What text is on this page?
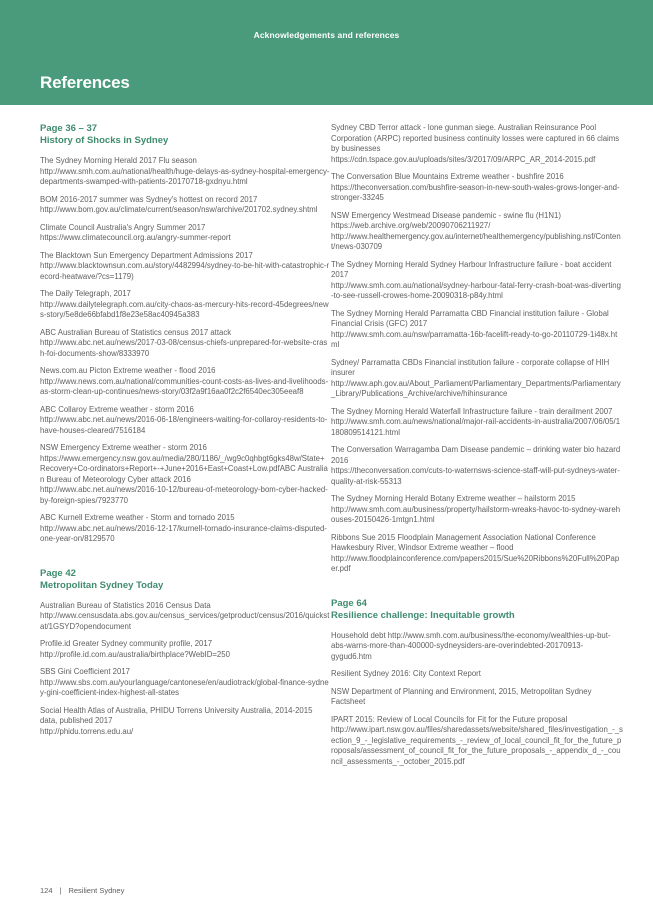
Acknowledgements and references
References
Page 36 – 37
History of Shocks in Sydney

The Sydney Morning Herald 2017 Flu season
http://www.smh.com.au/national/health/huge-delays-as-sydney-hospital-emergency-departments-swamped-with-patients-20170718-gxdnyu.html

BOM 2016-2017 summer was Sydney's hottest on record 2017
http://www.bom.gov.au/climate/current/season/nsw/archive/201702.sydney.shtml

Climate Council Australia's Angry Summer 2017
https://www.climatecouncil.org.au/angry-summer-report

The Blacktown Sun Emergency Department Admissions 2017
http://www.blacktownsun.com.au/story/4482994/sydney-to-be-hit-with-catastrophic-record-heatwave/?cs=1179)

The Daily Telegraph, 2017
http://www.dailytelegraph.com.au/city-chaos-as-mercury-hits-record-45degrees/news-story/5e8de66bfabd1f8e23e58ac40945a383

ABC Australian Bureau of Statistics census 2017 attack
http://www.abc.net.au/news/2017-03-08/census-chiefs-unprepared-for-website-crash-foi-documents-show/8333970

News.com.au Picton Extreme weather - flood 2016
http://www.news.com.au/national/communities-count-costs-as-lives-and-livelihoods-as-storm-clean-up-continues/news-story/03f2a9f16aa0f2c2f6540ec305eeaf8

ABC Collaroy Extreme weather - storm 2016
http://www.abc.net.au/news/2016-06-18/engineers-waiting-for-collaroy-residents-to-have-houses-cleared/7516184

NSW Emergency Extreme weather - storm 2016
https://www.emergency.nsw.gov.au/media/280/1186/_/wg9c0qhbgt6gks48w/State+Recovery+Co-ordinators+Report+-+June+2016+East+Coast+Low.pdfABC Australian Bureau of Meteorology Cyber attack 2016
http://www.abc.net.au/news/2016-10-12/bureau-of-meteorology-bom-cyber-hacked-by-foreign-spies/7923770

ABC Kurnell Extreme weather - Storm and tornado 2015
http://www.abc.net.au/news/2016-12-17/kurnell-tornado-insurance-claims-disputed-one-year-on/8129570

Page 42
Metropolitan Sydney Today

Australian Bureau of Statistics 2016 Census Data
http://www.censusdata.abs.gov.au/census_services/getproduct/census/2016/quickstat/1GSYD?opendocument

Profile.id Greater Sydney community profile, 2017
http://profile.id.com.au/australia/birthplace?WebID=250

SBS Gini Coefficient 2017
http://www.sbs.com.au/yourlanguage/cantonese/en/audiotrack/global-finance-sydney-gini-coefficient-index-highest-all-states

Social Health Atlas of Australia, PHIDU Torrens University Australia, 2014-2015 data, published 2017
http://phidu.torrens.edu.au/

Sydney CBD Terror attack - lone gunman siege. Australian Reinsurance Pool Corporation (ARPC) reported business continuity losses were captured in 66 claims by businesses
https://cdn.tspace.gov.au/uploads/sites/3/2017/09/ARPC_AR_2014-2015.pdf

The Conversation Blue Mountains Extreme weather - bushfire 2016
https://theconversation.com/bushfire-season-in-new-south-wales-grows-longer-and-stronger-33245

NSW Emergency Westmead Disease pandemic - swine flu (H1N1)
https://web.archive.org/web/20090706211927/
http://www.healthemergency.gov.au/internet/healthemergency/publishing.nsf/Content/news-030709

The Sydney Morning Herald Sydney Harbour Infrastructure failure - boat accident 2017
http://www.smh.com.au/national/sydney-harbour-fatal-ferry-crash-boat-was-diverting-to-see-russell-crowes-home-20090318-p84y.html

The Sydney Morning Herald Parramatta CBD Financial institution failure - Global Financial Crisis (GFC) 2017
http://www.smh.com.au/nsw/parramatta-16b-facelift-ready-to-go-20110729-1i48x.html

Sydney/ Parramatta CBDs Financial institution failure - corporate collapse of HIH insurer
http://www.aph.gov.au/About_Parliament/Parliamentary_Departments/Parliamentary_Library/Publications_Archive/archive/hihinsurance

The Sydney Morning Herald Waterfall Infrastructure failure - train derailment 2007
http://www.smh.com.au/news/national/major-rail-accidents-in-australia/2007/06/05/1180809514121.html

The Conversation Warragamba Dam Disease pandemic – drinking water bio hazard 2016
https://theconversation.com/cuts-to-waternsws-science-staff-will-put-sydneys-water-quality-at-risk-55313

The Sydney Morning Herald Botany Extreme weather – hailstorm 2015
http://www.smh.com.au/business/property/hailstorm-wreaks-havoc-to-sydney-warehouses-20150426-1mtgn1.html

Ribbons Sue 2015 Floodplain Management Association National Conference Hawkesbury River, Windsor Extreme weather – flood
http://www.floodplainconference.com/papers2015/Sue%20Ribbons%20Full%20Paper.pdf

Page 64
Resilience challenge: Inequitable growth

Household debt http://www.smh.com.au/business/the-economy/wealthies-up-but-abs-warns-more-than-400000-sydneysiders-are-overindebted-20170913-gygud6.htm

Resilient Sydney 2016: City Context Report

NSW Department of Planning and Environment, 2015, Metropolitan Sydney Factsheet

IPART 2015: Review of Local Councils for Fit for the Future proposal
http://www.ipart.nsw.gov.au/files/sharedassets/website/shared_files/investigation_-_section_9_-_legislative_requirements_-_review_of_local_council_fit_for_the_future_proposals/assessment_of_council_fit_for_the_future_proposals_-_appendix_d_-_council_assessments_-_october_2015.pdf

124 | Resilient Sydney
